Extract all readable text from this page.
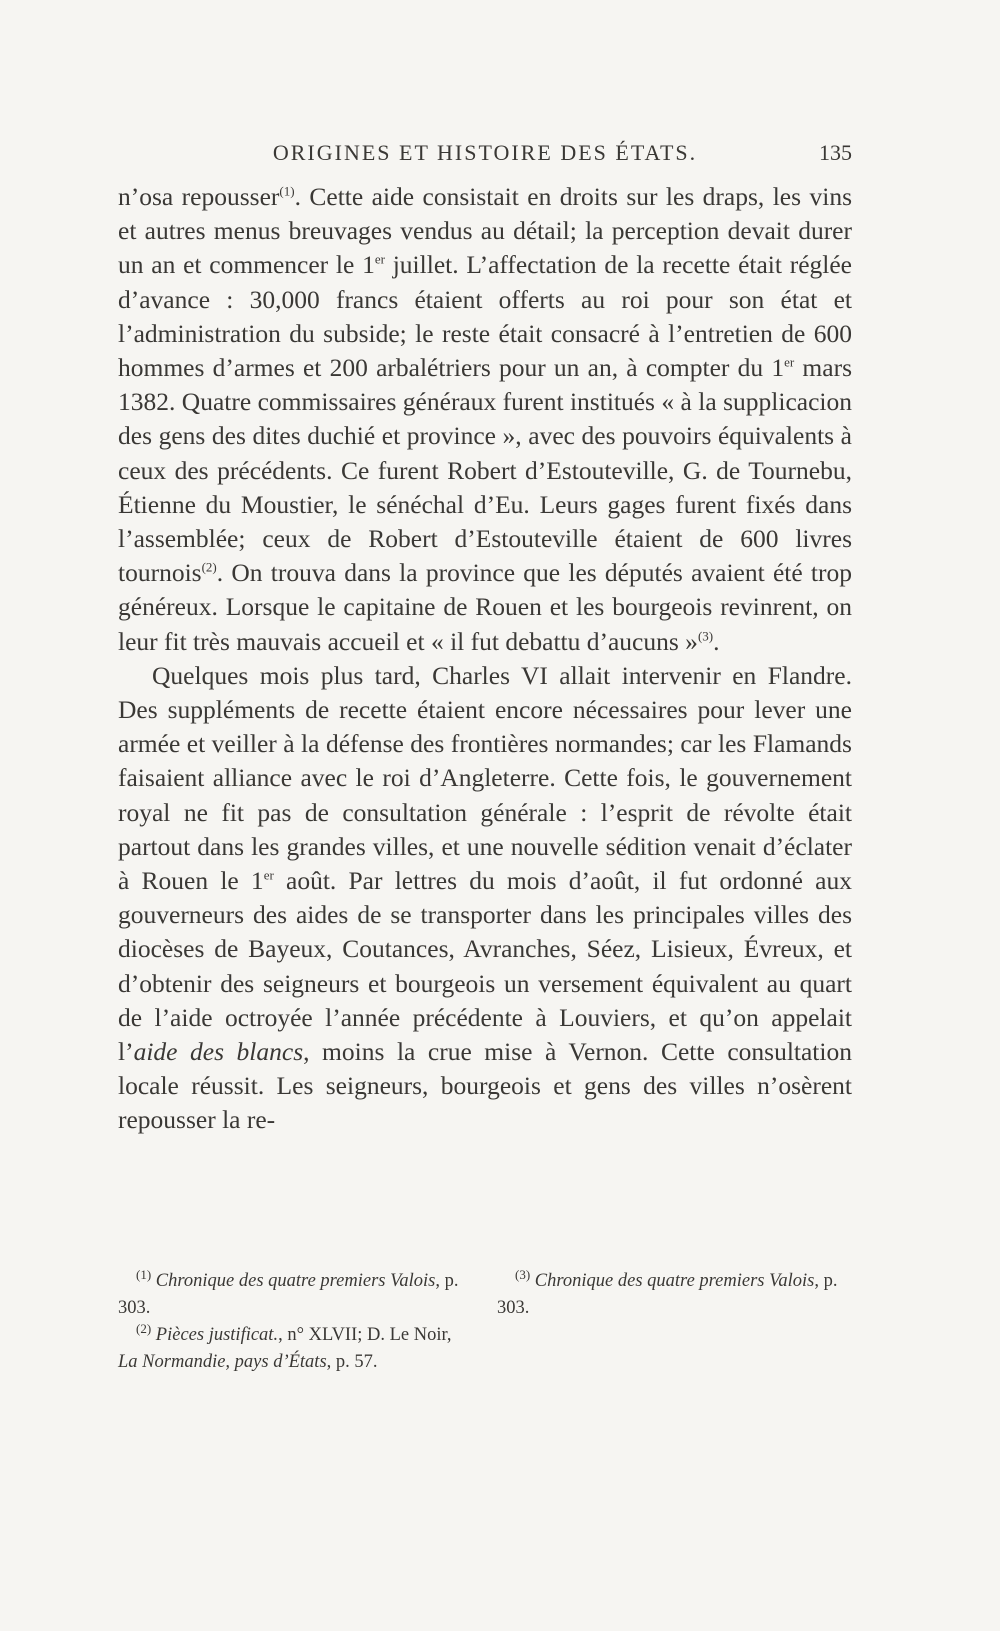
ORIGINES ET HISTOIRE DES ÉTATS.	135

n’osa repousser$^{(1)}$. Cette aide consistait en droits sur les draps, les vins et autres menus breuvages vendus au détail; la perception devait durer un an et commencer le 1er juillet. L’affectation de la recette était réglée d’avance : 30,000 francs étaient offerts au roi pour son état et l’administration du subside; le reste était consacré à l’entretien de 600 hommes d’armes et 200 arbalétriers pour un an, à compter du 1er mars 1382. Quatre commissaires généraux furent institués « à la supplicacion des gens des dites duchié et province », avec des pouvoirs équivalents à ceux des précédents. Ce furent Robert d’Estouteville, G. de Tournebu, Étienne du Moustier, le sénéchal d’Eu. Leurs gages furent fixés dans l’assemblée; ceux de Robert d’Estouteville étaient de 600 livres tournois$^{(2)}$. On trouva dans la province que les députés avaient été trop généreux. Lorsque le capitaine de Rouen et les bourgeois revinrent, on leur fit très mauvais accueil et « il fut debattu d’aucuns »$^{(3)}$.

Quelques mois plus tard, Charles VI allait intervenir en Flandre. Des suppléments de recette étaient encore nécessaires pour lever une armée et veiller à la défense des frontières normandes; car les Flamands faisaient alliance avec le roi d’Angleterre. Cette fois, le gouvernement royal ne fit pas de consultation générale : l’esprit de révolte était partout dans les grandes villes, et une nouvelle sédition venait d’éclater à Rouen le 1er août. Par lettres du mois d’août, il fut ordonné aux gouverneurs des aides de se transporter dans les principales villes des diocèses de Bayeux, Coutances, Avranches, Séez, Lisieux, Évreux, et d’obtenir des seigneurs et bourgeois un versement équivalent au quart de l’aide octroyée l’année précédente à Louviers, et qu’on appelait l’aide des blancs, moins la crue mise à Vernon. Cette consultation locale réussit. Les seigneurs, bourgeois et gens des villes n’osèrent repousser la re-

$^{(1)}$ Chronique des quatre premiers Valois, p. 303.

$^{(2)}$ Pièces justificat., n° XLVII; D. Le Noir, La Normandie, pays d’États, p. 57.

$^{(3)}$ Chronique des quatre premiers Valois, p. 303.
